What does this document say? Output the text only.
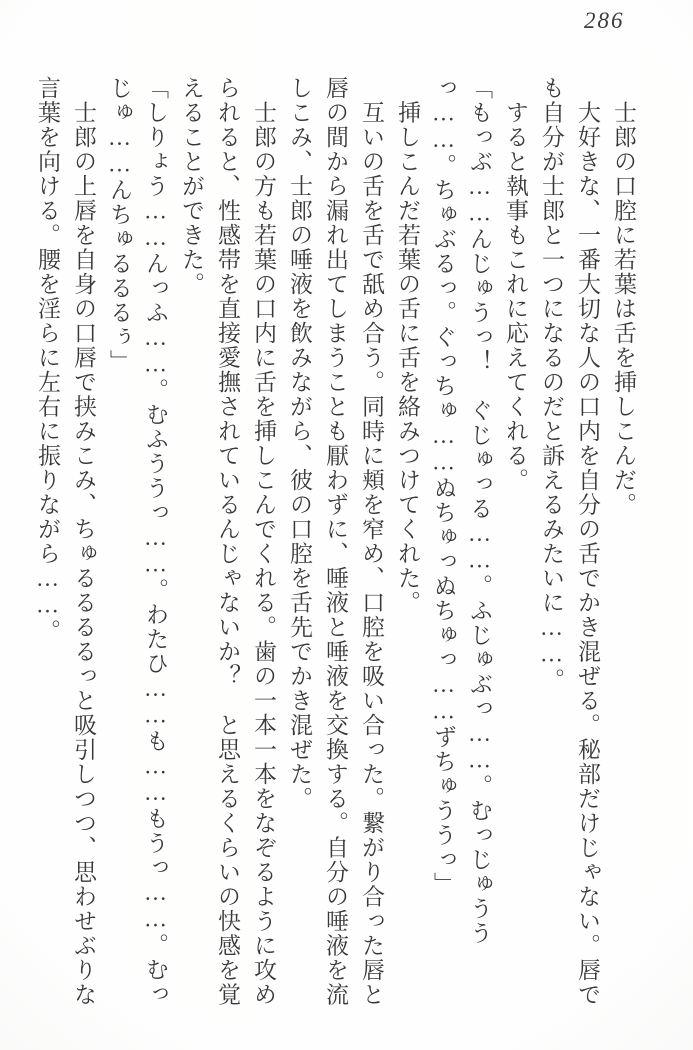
286

　士郎の口腔に若葉は舌を挿しこんだ。

　大好きな、一番大切な人の口内を自分の舌でかき混ぜる。秘部だけじゃない。唇でも自分が士郎と一つになるのだと訴えるみたいに……。

　すると執事もこれに応えてくれる。

「もっぶ……んじゅうっ！　ぐじゅっる……。ふじゅぶっ……。むっじゅううっ……。ちゅぶるっ。ぐっちゅ……ぬちゅっぬちゅっ……ずちゅううっ」

　挿しこんだ若葉の舌に舌を絡みつけてくれた。

　互いの舌を舌で舐め合う。同時に頬を窄め、口腔を吸い合った。繋がり合った唇と唇の間から漏れ出てしまうことも厭わずに、唾液と唾液を交換する。自分の唾液を流しこみ、士郎の唾液を飲みながら、彼の口腔を舌先でかき混ぜた。

　士郎の方も若葉の口内に舌を挿しこんでくれる。歯の一本一本をなぞるように攻められると、性感帯を直接愛撫されているんじゃないか？　と思えるくらいの快感を覚えることができた。

「しりょう……んっふ……。むふううっ……。わたひ……も……もうっ……。むっじゅ……んちゅるるるぅ」

　士郎の上唇を自身の口唇で挟みこみ、ちゅるるるるっと吸引しつつ、思わせぶりな言葉を向ける。腰を淫らに左右に振りながら……。
